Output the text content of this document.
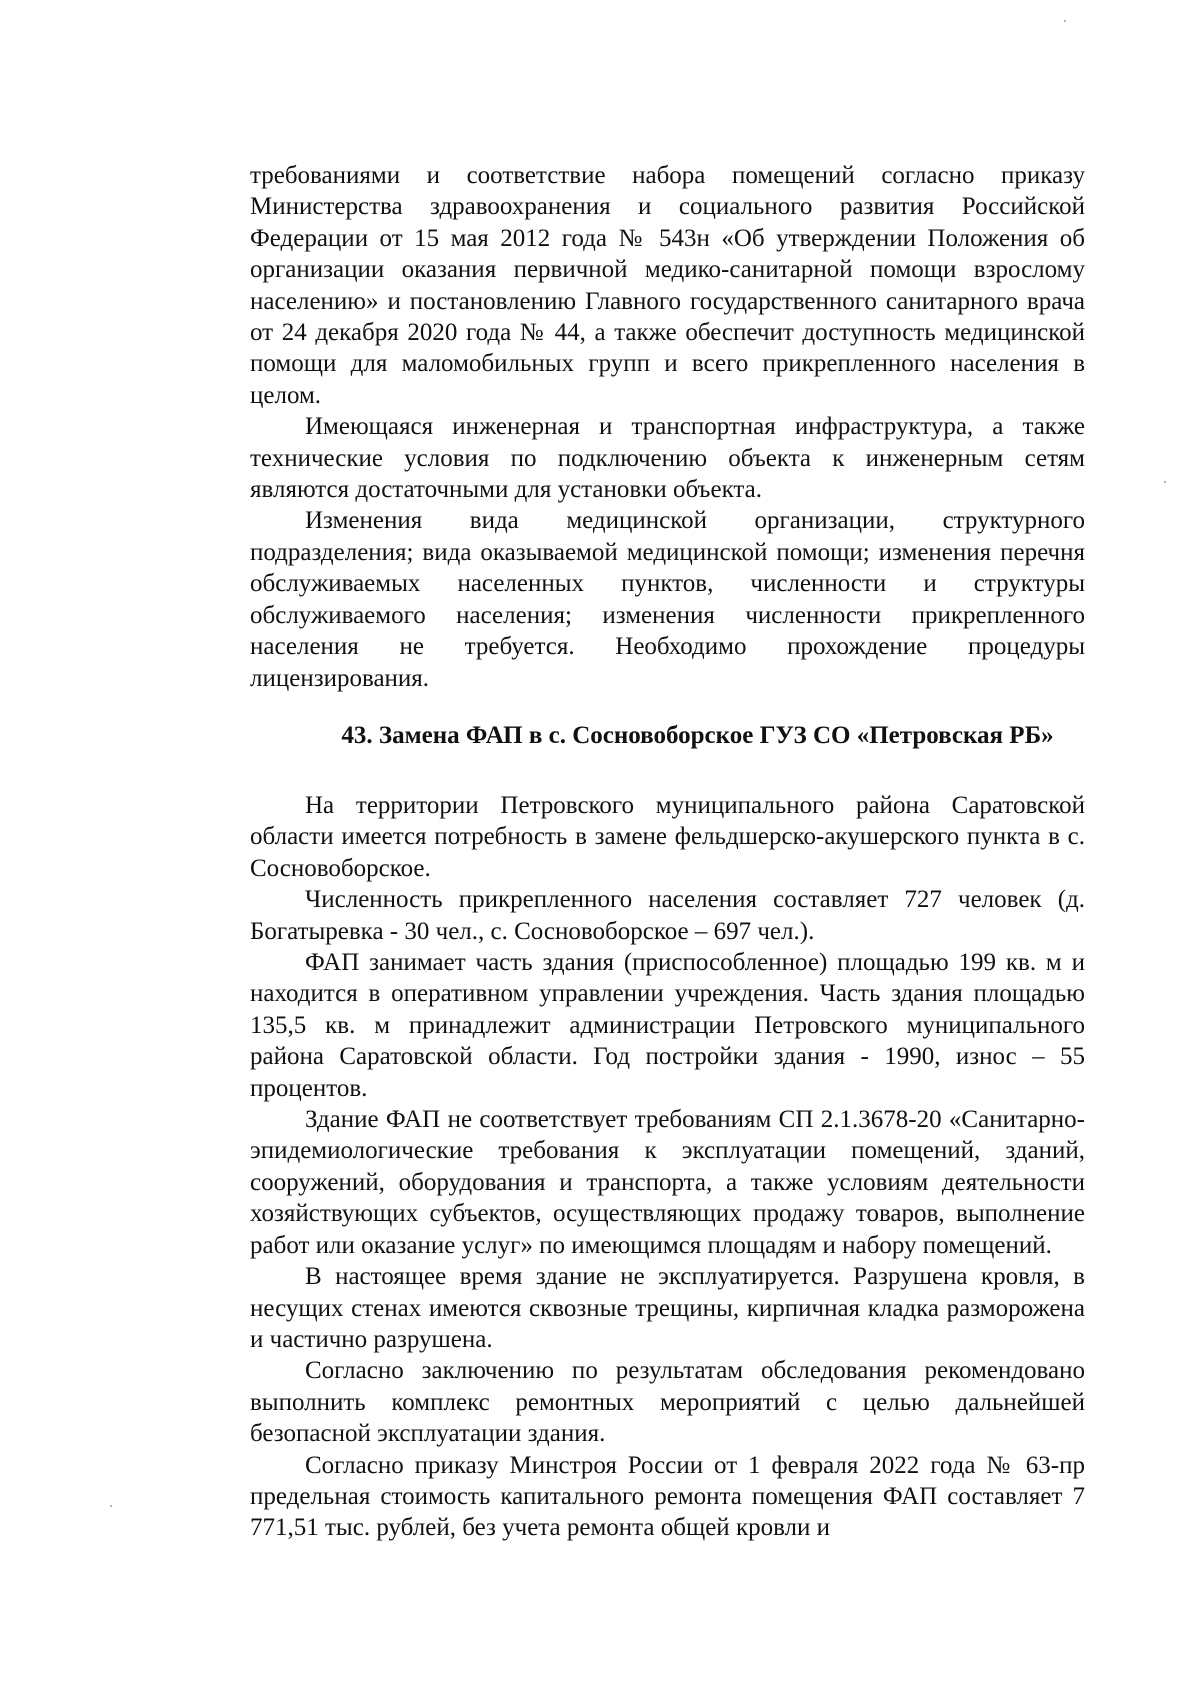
требованиями и соответствие набора помещений согласно приказу Министерства здравоохранения и социального развития Российской Федерации от 15 мая 2012 года № 543н «Об утверждении Положения об организации оказания первичной медико-санитарной помощи взрослому населению» и постановлению Главного государственного санитарного врача от 24 декабря 2020 года № 44, а также обеспечит доступность медицинской помощи для маломобильных групп и всего прикрепленного населения в целом.

Имеющаяся инженерная и транспортная инфраструктура, а также технические условия по подключению объекта к инженерным сетям являются достаточными для установки объекта.

Изменения вида медицинской организации, структурного подразделения; вида оказываемой медицинской помощи; изменения перечня обслуживаемых населенных пунктов, численности и структуры обслуживаемого населения; изменения численности прикрепленного населения не требуется. Необходимо прохождение процедуры лицензирования.

43. Замена ФАП в с. Сосновоборское ГУЗ СО «Петровская РБ»

На территории Петровского муниципального района Саратовской области имеется потребность в замене фельдшерско-акушерского пункта в с. Сосновоборское.

Численность прикрепленного населения составляет 727 человек (д. Богатыревка - 30 чел., с. Сосновоборское – 697 чел.).

ФАП занимает часть здания (приспособленное) площадью 199 кв. м и находится в оперативном управлении учреждения. Часть здания площадью 135,5 кв. м принадлежит администрации Петровского муниципального района Саратовской области. Год постройки здания - 1990, износ – 55 процентов.

Здание ФАП не соответствует требованиям СП 2.1.3678-20 «Санитарно-эпидемиологические требования к эксплуатации помещений, зданий, сооружений, оборудования и транспорта, а также условиям деятельности хозяйствующих субъектов, осуществляющих продажу товаров, выполнение работ или оказание услуг» по имеющимся площадям и набору помещений.

В настоящее время здание не эксплуатируется. Разрушена кровля, в несущих стенах имеются сквозные трещины, кирпичная кладка разморожена и частично разрушена.

Согласно заключению по результатам обследования рекомендовано выполнить комплекс ремонтных мероприятий с целью дальнейшей безопасной эксплуатации здания.

Согласно приказу Минстроя России от 1 февраля 2022 года № 63-пр предельная стоимость капитального ремонта помещения ФАП составляет 7 771,51 тыс. рублей, без учета ремонта общей кровли и
